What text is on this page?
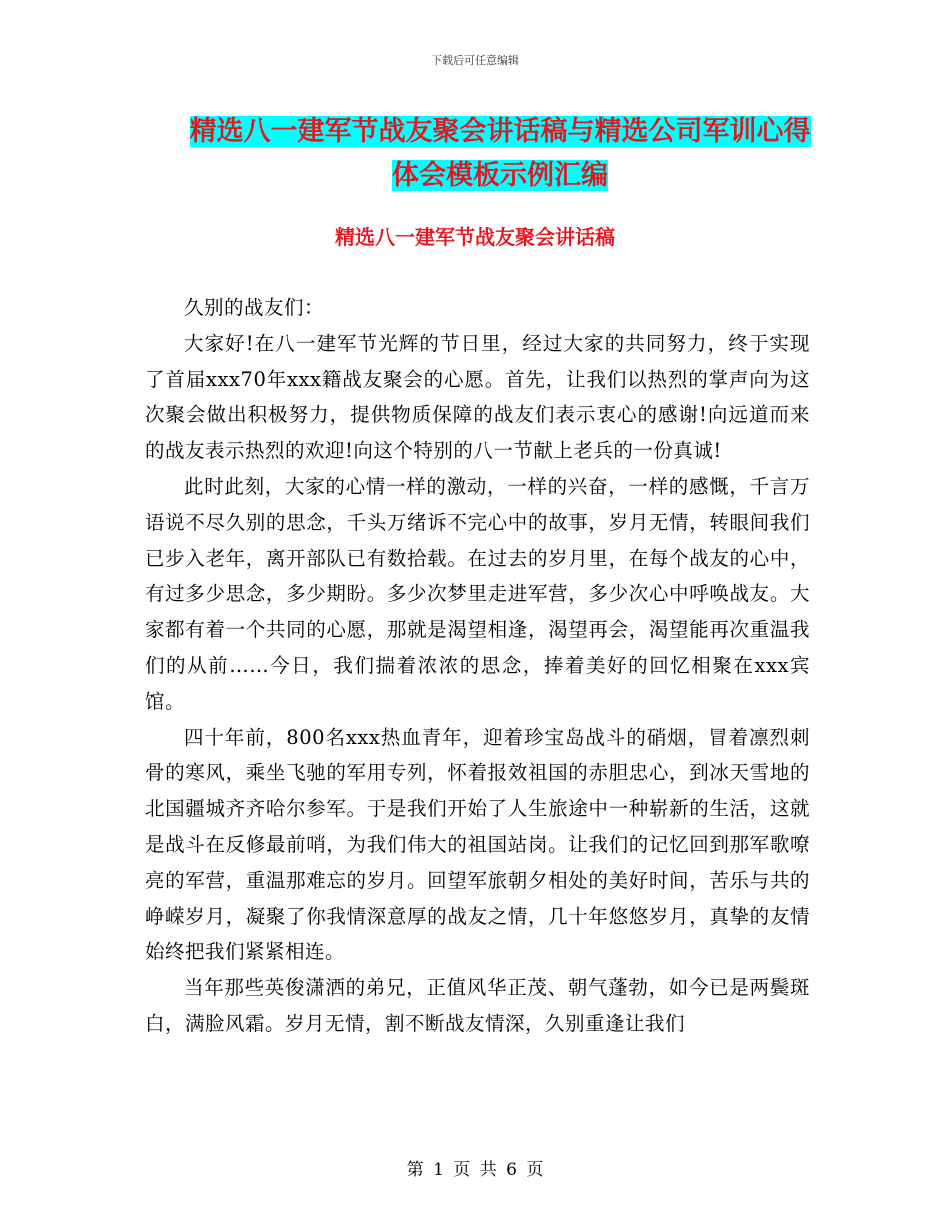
下载后可任意编辑
精选八一建军节战友聚会讲话稿与精选公司军训心得
体会模板示例汇编
精选八一建军节战友聚会讲话稿

久别的战友们：

大家好!在八一建军节光辉的节日里，经过大家的共同努力，终于实现了首届xxx70年xxx籍战友聚会的心愿。首先，让我们以热烈的掌声向为这次聚会做出积极努力，提供物质保障的战友们表示衷心的感谢!向远道而来的战友表示热烈的欢迎!向这个特别的八一节献上老兵的一份真诚!

此时此刻，大家的心情一样的激动，一样的兴奋，一样的感慨，千言万语说不尽久别的思念，千头万绪诉不完心中的故事，岁月无情，转眼间我们已步入老年，离开部队已有数拾载。在过去的岁月里，在每个战友的心中，有过多少思念，多少期盼。多少次梦里走进军营，多少次心中呼唤战友。大家都有着一个共同的心愿，那就是渴望相逢，渴望再会，渴望能再次重温我们的从前……今日，我们揣着浓浓的思念，捧着美好的回忆相聚在xxx宾馆。

四十年前，800名xxx热血青年，迎着珍宝岛战斗的硝烟，冒着凛烈刺骨的寒风，乘坐飞驰的军用专列，怀着报效祖国的赤胆忠心，到冰天雪地的北国疆城齐齐哈尔参军。于是我们开始了人生旅途中一种崭新的生活，这就是战斗在反修最前哨，为我们伟大的祖国站岗。让我们的记忆回到那军歌嘹亮的军营，重温那难忘的岁月。回望军旅朝夕相处的美好时间，苦乐与共的峥嵘岁月，凝聚了你我情深意厚的战友之情，几十年悠悠岁月，真挚的友情始终把我们紧紧相连。

当年那些英俊潇洒的弟兄，正值风华正茂、朝气蓬勃，如今已是两鬓斑白，满脸风霜。岁月无情，割不断战友情深，久别重逢让我们

第 1 页 共 6 页
